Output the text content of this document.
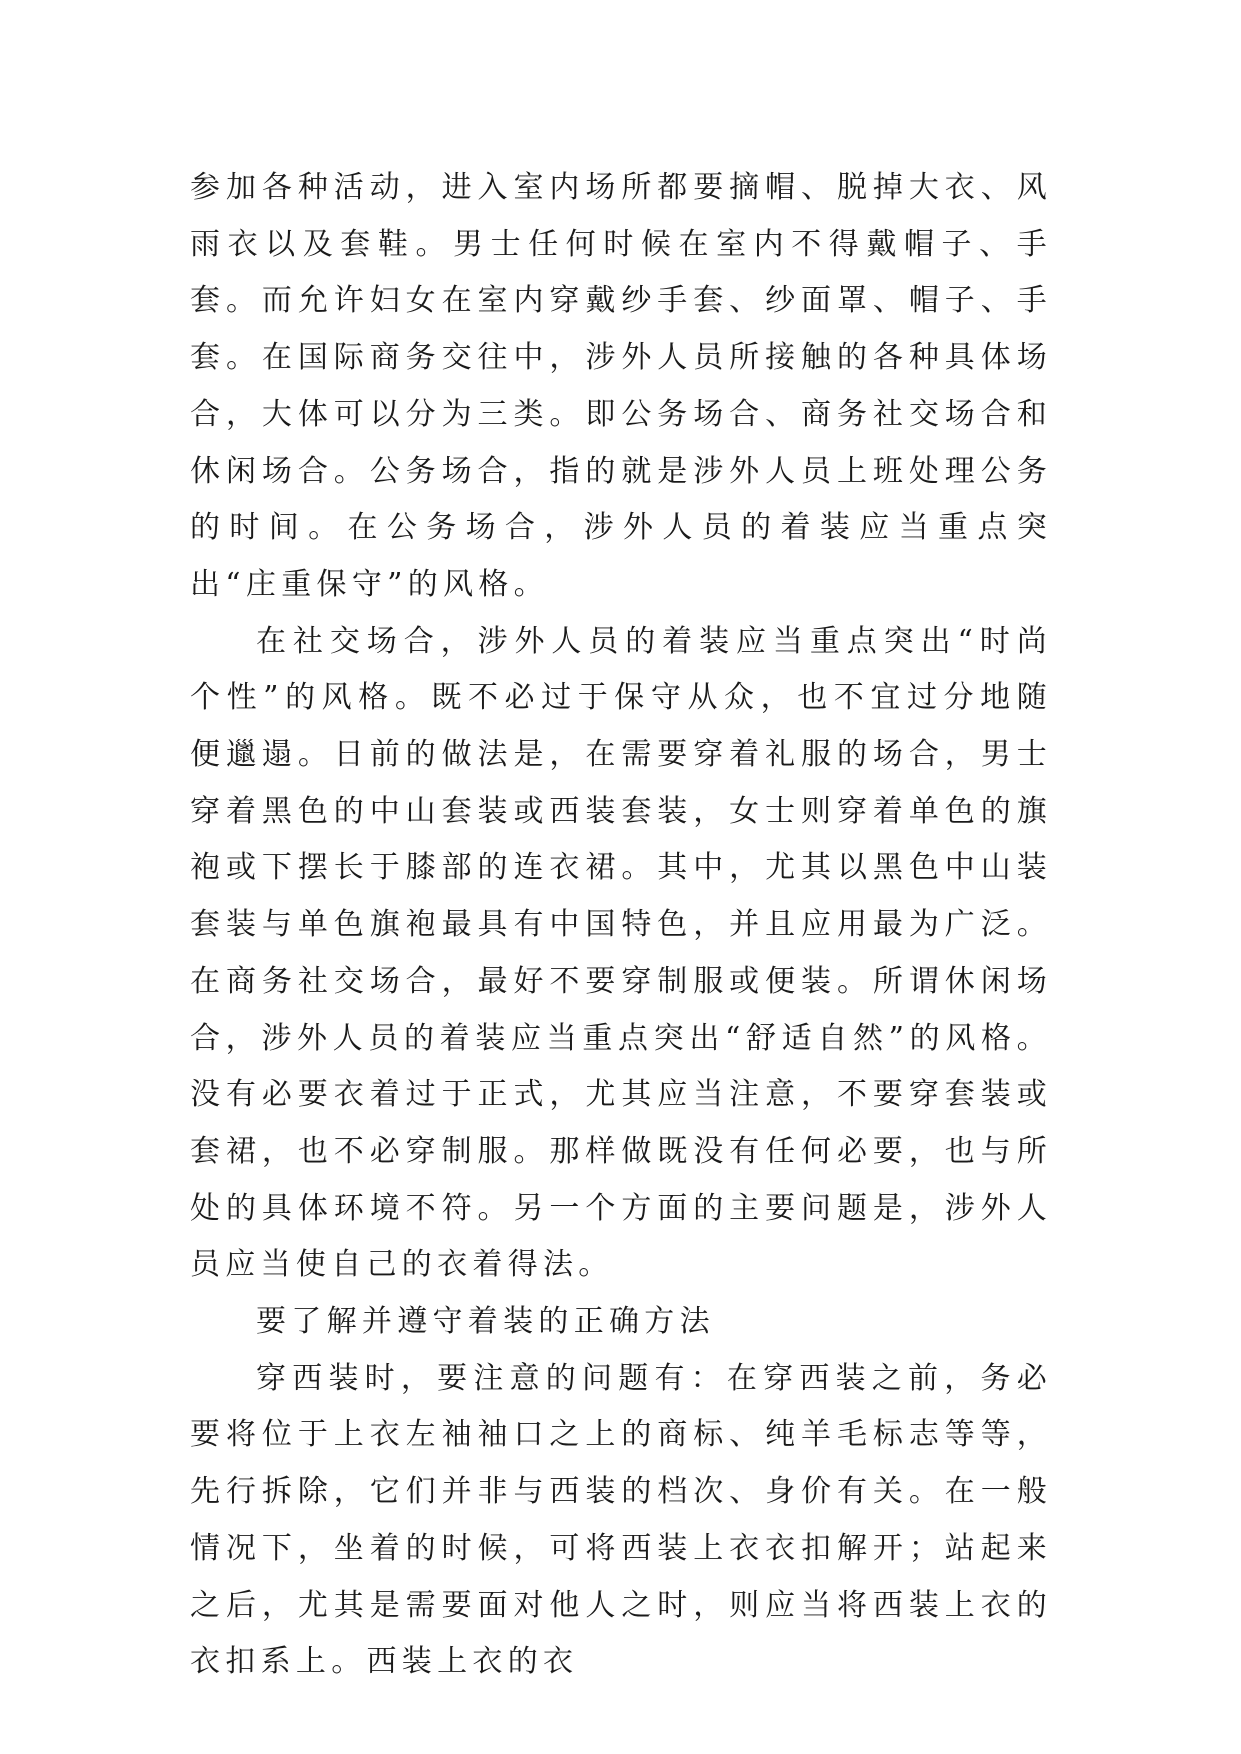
参加各种活动，进入室内场所都要摘帽、脱掉大衣、风雨衣以及套鞋。男士任何时候在室内不得戴帽子、手套。而允许妇女在室内穿戴纱手套、纱面罩、帽子、手套。在国际商务交往中，涉外人员所接触的各种具体场合，大体可以分为三类。即公务场合、商务社交场合和休闲场合。公务场合，指的就是涉外人员上班处理公务的时间。在公务场合，涉外人员的着装应当重点突出“庄重保守”的风格。

在社交场合，涉外人员的着装应当重点突出“时尚个性”的风格。既不必过于保守从众，也不宜过分地随便邋遢。日前的做法是，在需要穿着礼服的场合，男士穿着黑色的中山套装或西装套装，女士则穿着单色的旗袍或下摆长于膝部的连衣裙。其中，尤其以黑色中山装套装与单色旗袍最具有中国特色，并且应用最为广泛。在商务社交场合，最好不要穿制服或便装。所谓休闲场合，涉外人员的着装应当重点突出“舒适自然”的风格。没有必要衣着过于正式，尤其应当注意，不要穿套装或套裙，也不必穿制服。那样做既没有任何必要，也与所处的具体环境不符。另一个方面的主要问题是，涉外人员应当使自己的衣着得法。

要了解并遵守着装的正确方法

穿西装时，要注意的问题有：在穿西装之前，务必要将位于上衣左袖袖口之上的商标、纯羊毛标志等等，先行拆除，它们并非与西装的档次、身价有关。在一般情况下，坐着的时候，可将西装上衣衣扣解开；站起来之后，尤其是需要面对他人之时，则应当将西装上衣的衣扣系上。西装上衣的衣
